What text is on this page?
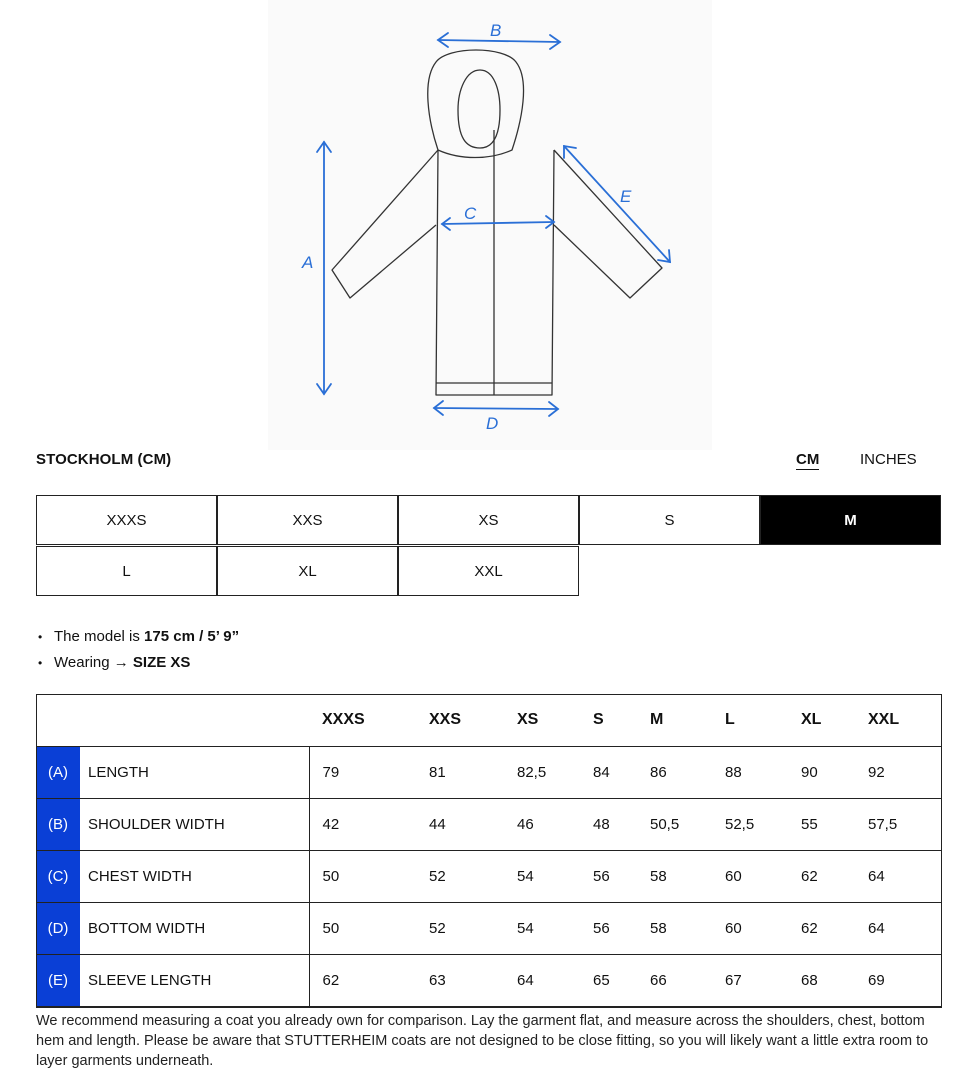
B
A
C
D
E
STOCKHOLM (CM)	CM	INCHES
XXXS	XXS	XS	S	M
L	XL	XXL
• The model is 175 cm / 5’ 9”
• Wearing → SIZE XS
		XXXS	XXS	XS	S	M	L	XL	XXL
(A)	LENGTH	79	81	82,5	84	86	88	90	92
(B)	SHOULDER WIDTH	42	44	46	48	50,5	52,5	55	57,5
(C)	CHEST WIDTH	50	52	54	56	58	60	62	64
(D)	BOTTOM WIDTH	50	52	54	56	58	60	62	64
(E)	SLEEVE LENGTH	62	63	64	65	66	67	68	69
We recommend measuring a coat you already own for comparison. Lay the garment flat, and measure across the shoulders, chest, bottom hem and length. Please be aware that STUTTERHEIM coats are not designed to be close fitting, so you will likely want a little extra room to layer garments underneath.
